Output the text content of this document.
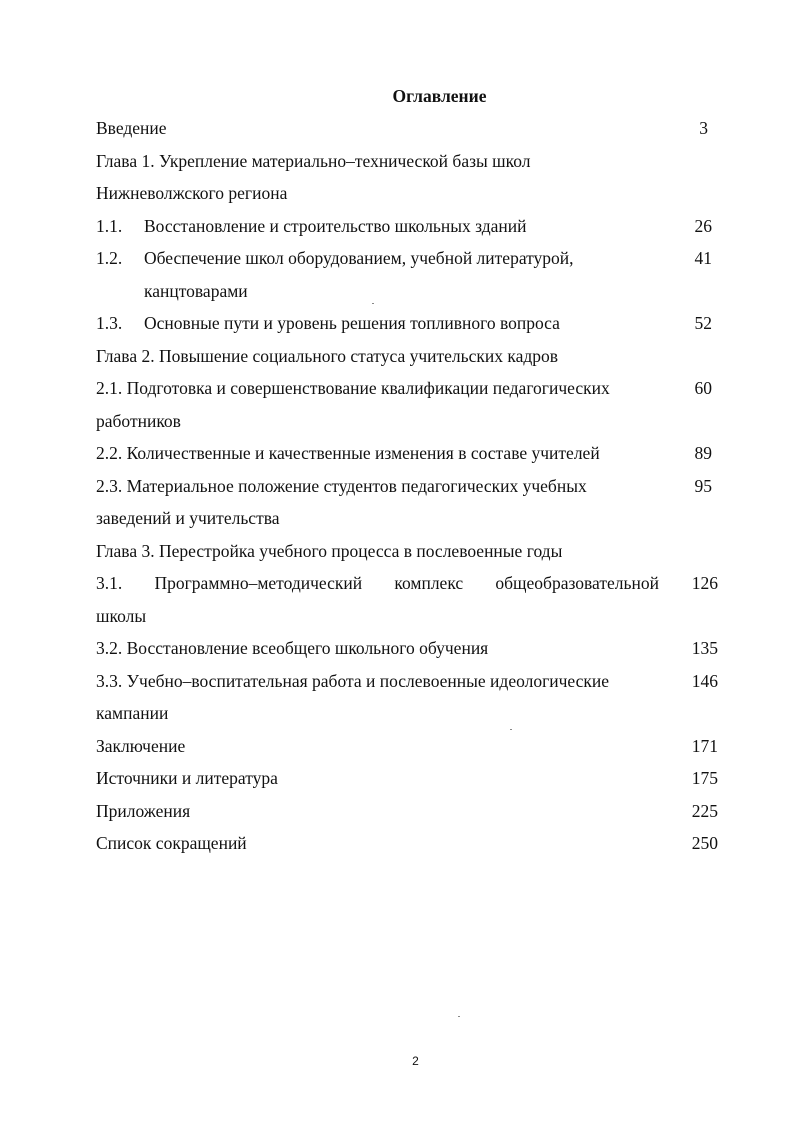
Оглавление
Введение	3
Глава 1. Укрепление материально–технической базы школ
Нижневолжского региона
1.1. Восстановление и строительство школьных зданий	26
1.2. Обеспечение школ оборудованием, учебной литературой,	41
канцтоварами
1.3. Основные пути и уровень решения топливного вопроса	52
Глава 2. Повышение социального статуса учительских кадров
2.1. Подготовка и совершенствование квалификации педагогических	60
работников
2.2. Количественные и качественные изменения в составе учителей	89
2.3. Материальное положение студентов педагогических учебных	95
заведений и учительства
Глава 3. Перестройка учебного процесса в послевоенные годы
3.1. Программно–методический комплекс общеобразовательной 126
школы
3.2. Восстановление всеобщего школьного обучения	135
3.3. Учебно–воспитательная работа и послевоенные идеологические	146
кампании
Заключение	171
Источники и литература	175
Приложения	225
Список сокращений	250
2
